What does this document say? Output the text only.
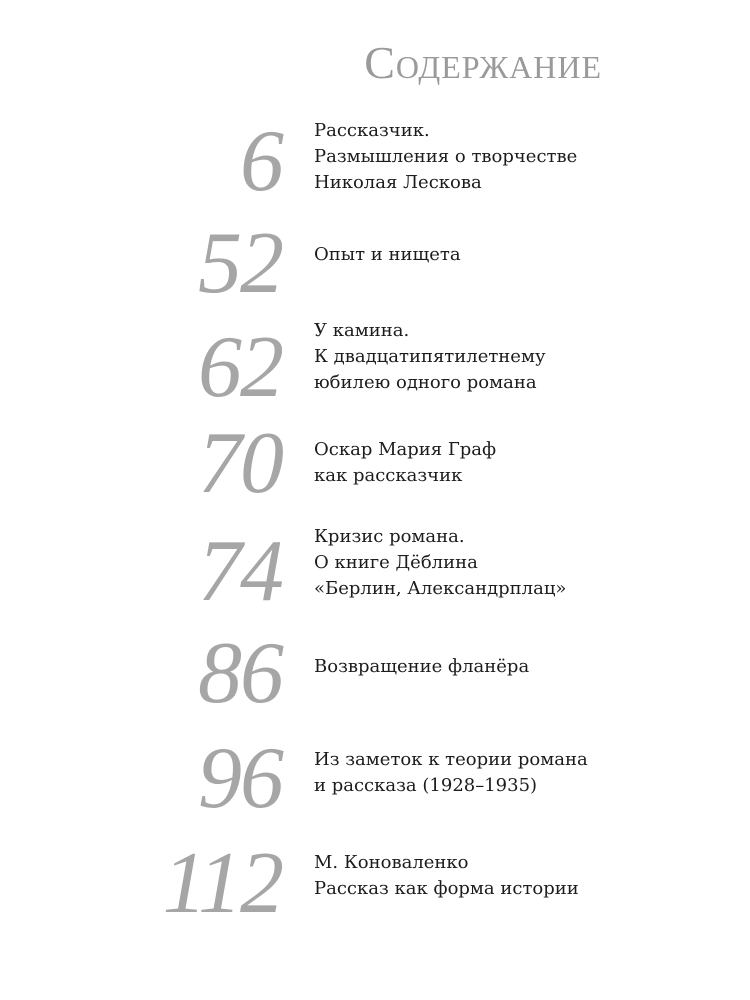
Содержание
6 Рассказчик.
Размышления о творчестве
Николая Лескова
52 Опыт и нищета
62 У камина.
К двадцатипятилетнему
юбилею одного романа
70 Оскар Мария Граф
как рассказчик
74 Кризис романа.
О книге Дёблина
«Берлин, Александрплац»
86 Возвращение фланёра
96 Из заметок к теории романа
и рассказа (1928–1935)
112 М. Коноваленко
Рассказ как форма истории
